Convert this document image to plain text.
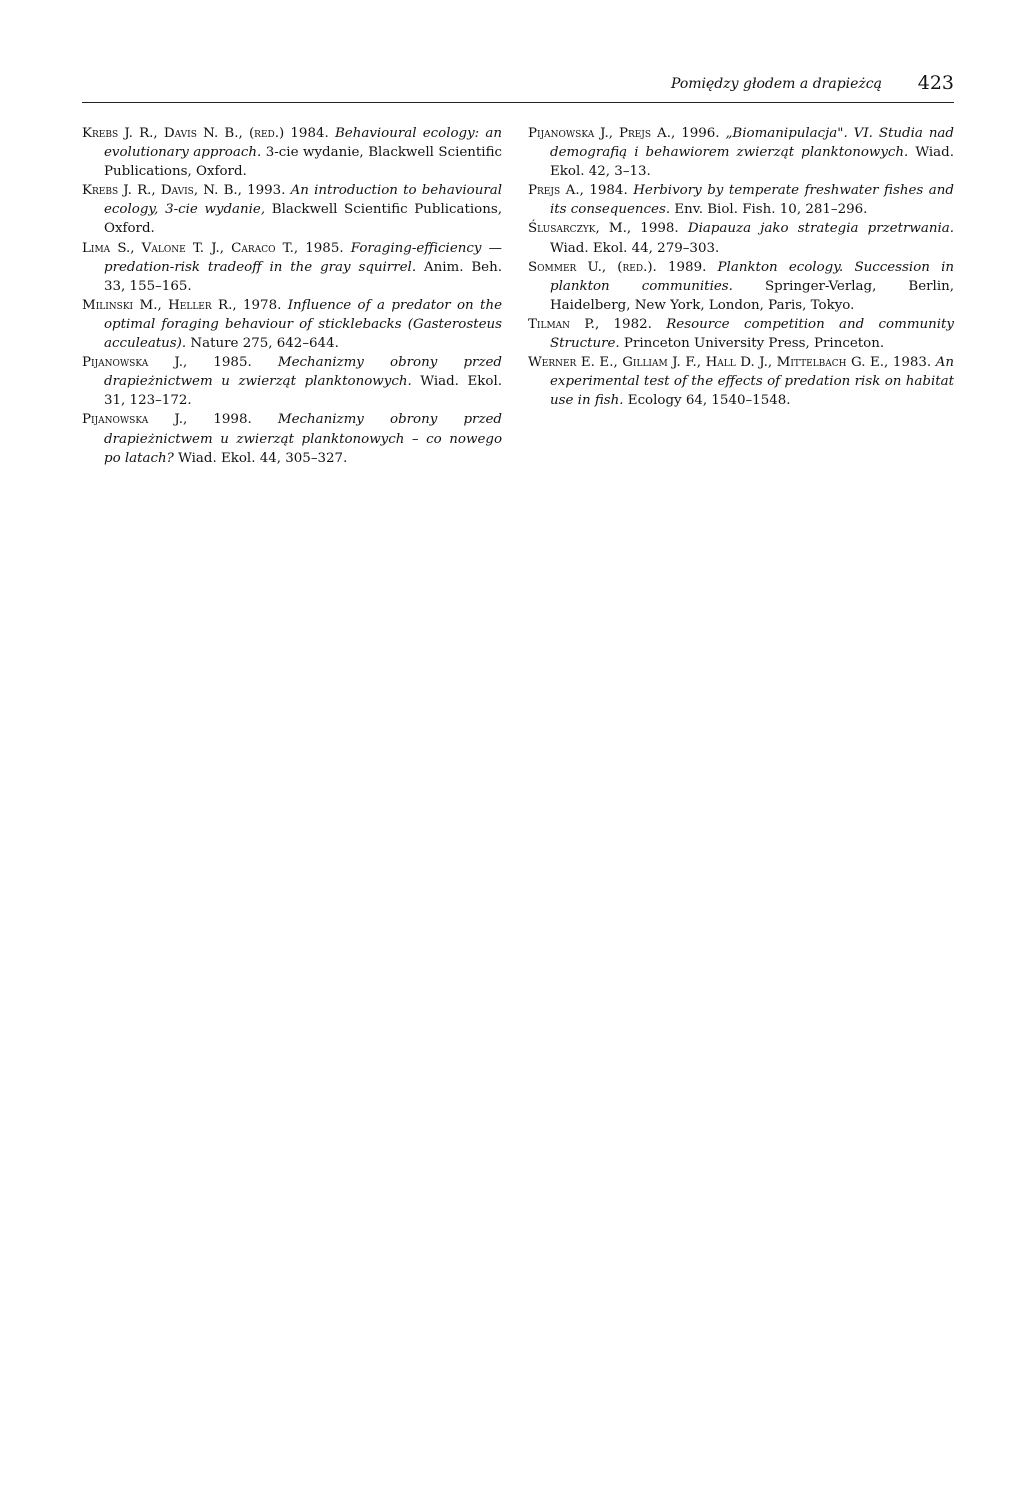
Pomiędzy głodem a drapieżcą 423

Krebs J. R., Davis N. B., (red.) 1984. Behavioural ecology: an evolutionary approach. 3-cie wydanie, Blackwell Scientific Publications, Oxford.

Krebs J. R., Davis, N. B., 1993. An introduction to behavioural ecology, 3-cie wydanie, Blackwell Scientific Publications, Oxford.

Lima S., Valone T. J., Caraco T., 1985. Foraging-efficiency — predation-risk tradeoff in the gray squirrel. Anim. Beh. 33, 155–165.

Milinski M., Heller R., 1978. Influence of a predator on the optimal foraging behaviour of sticklebacks (Gasterosteus acculeatus). Nature 275, 642–644.

Pijanowska J., 1985. Mechanizmy obrony przed drapieżnictwem u zwierząt planktonowych. Wiad. Ekol. 31, 123–172.

Pijanowska J., 1998. Mechanizmy obrony przed drapieżnictwem u zwierząt planktonowych – co nowego po latach? Wiad. Ekol. 44, 305–327.

Pijanowska J., Prejs A., 1996. „Biomanipulacja". VI. Studia nad demografią i behawiorem zwierząt planktonowych. Wiad. Ekol. 42, 3–13.

Prejs A., 1984. Herbivory by temperate freshwater fishes and its consequences. Env. Biol. Fish. 10, 281–296.

Ślusarczyk, M., 1998. Diapauza jako strategia przetrwania. Wiad. Ekol. 44, 279–303.

Sommer U., (red.). 1989. Plankton ecology. Succession in plankton communities. Springer-Verlag, Berlin, Haidelberg, New York, London, Paris, Tokyo.

Tilman P., 1982. Resource competition and community Structure. Princeton University Press, Princeton.

Werner E. E., Gilliam J. F., Hall D. J., Mittelbach G. E., 1983. An experimental test of the effects of predation risk on habitat use in fish. Ecology 64, 1540–1548.
